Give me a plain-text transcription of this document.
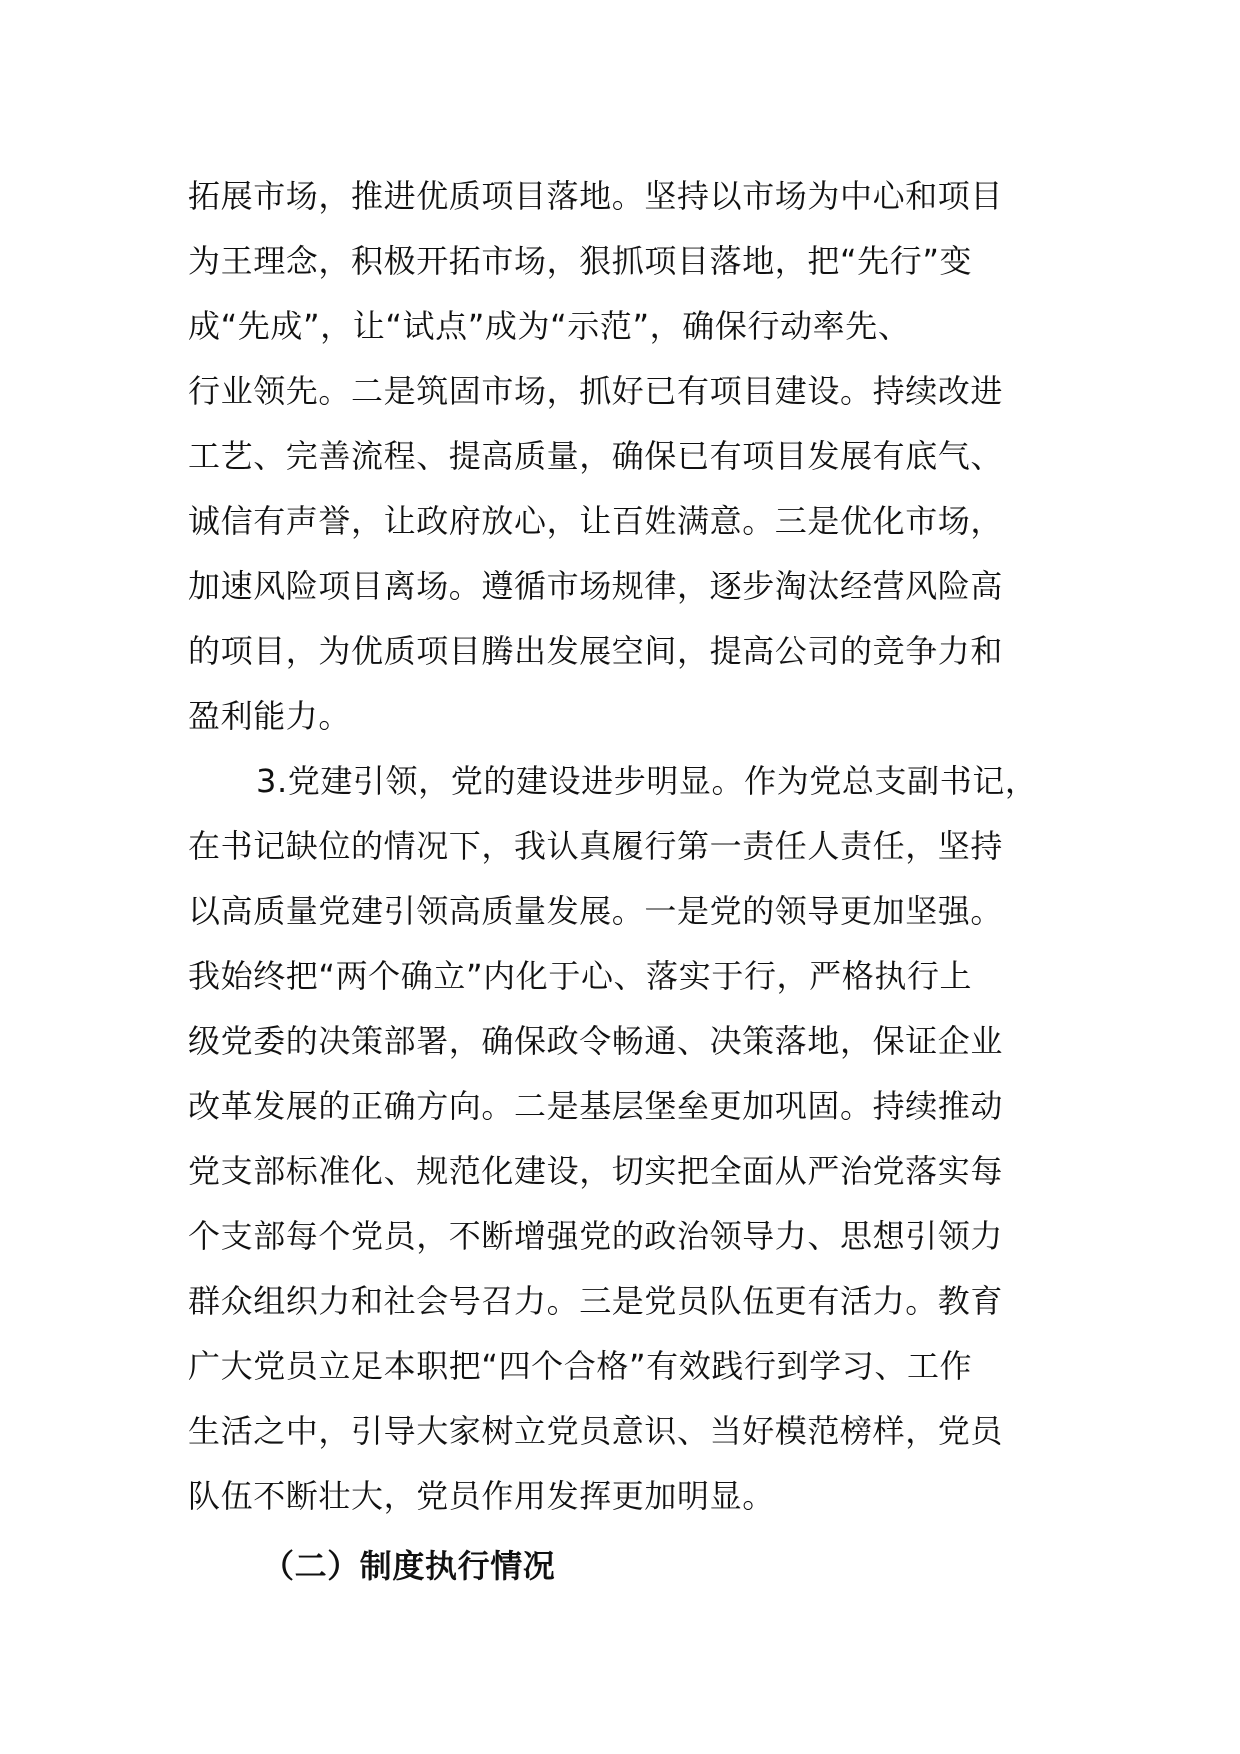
拓展市场，推进优质项目落地。坚持以市场为中心和项目
为王理念，积极开拓市场，狠抓项目落地，把“先行”变
成“先成”，让“试点”成为“示范”，确保行动率先、
行业领先。二是筑固市场，抓好已有项目建设。持续改进
工艺、完善流程、提高质量，确保已有项目发展有底气、
诚信有声誉，让政府放心，让百姓满意。三是优化市场，
加速风险项目离场。遵循市场规律，逐步淘汰经营风险高
的项目，为优质项目腾出发展空间，提高公司的竞争力和
盈利能力。
3.党建引领，党的建设进步明显。作为党总支副书记，
在书记缺位的情况下，我认真履行第一责任人责任，坚持
以高质量党建引领高质量发展。一是党的领导更加坚强。
我始终把“两个确立”内化于心、落实于行，严格执行上
级党委的决策部署，确保政令畅通、决策落地，保证企业
改革发展的正确方向。二是基层堡垒更加巩固。持续推动
党支部标准化、规范化建设，切实把全面从严治党落实每
个支部每个党员，不断增强党的政治领导力、思想引领力
群众组织力和社会号召力。三是党员队伍更有活力。教育
广大党员立足本职把“四个合格”有效践行到学习、工作
生活之中，引导大家树立党员意识、当好模范榜样，党员
队伍不断壮大，党员作用发挥更加明显。
（二）制度执行情况
